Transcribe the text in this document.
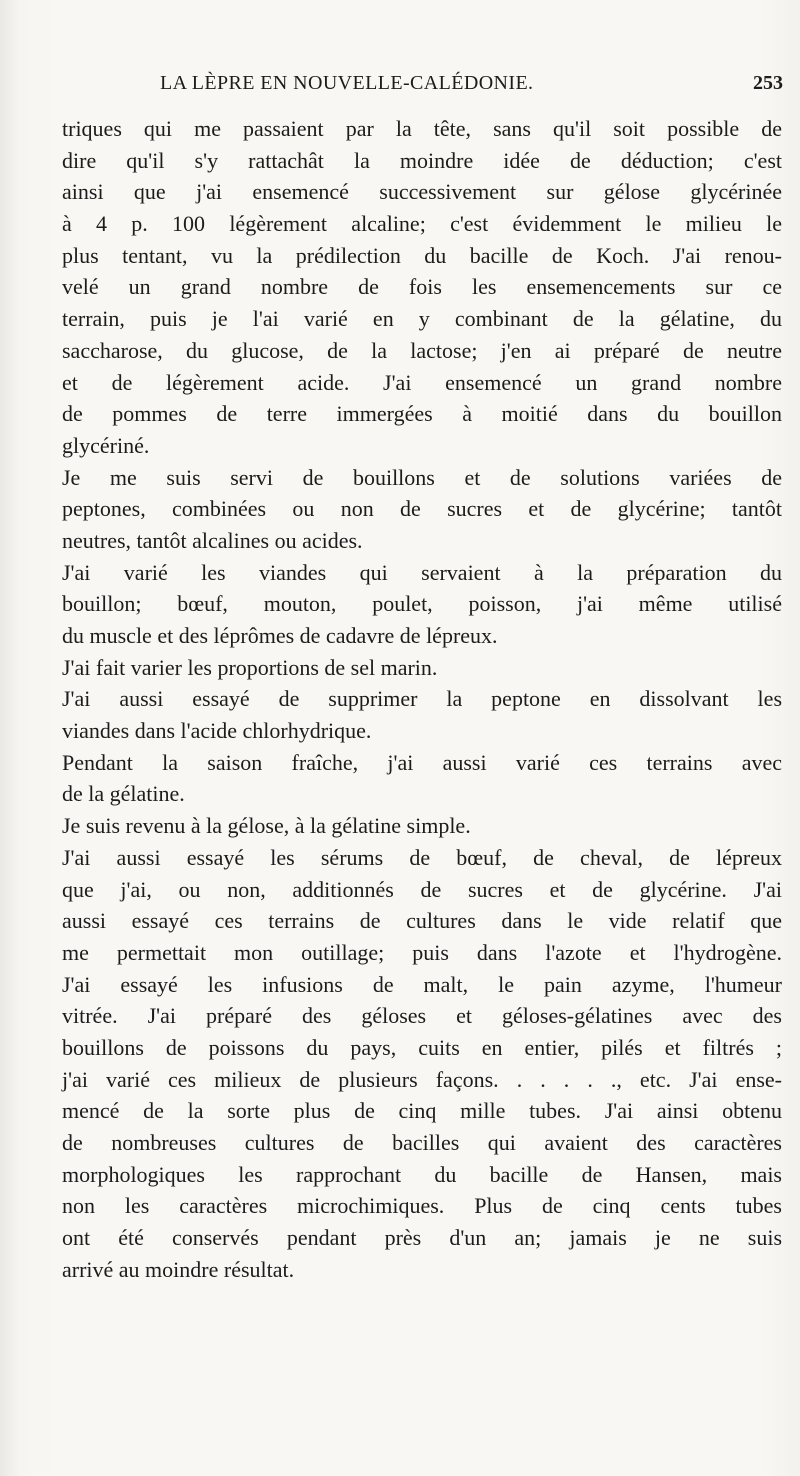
LA LÈPRE EN NOUVELLE-CALÉDONIE.	253
triques qui me passaient par la tête, sans qu'il soit possible de
dire qu'il s'y rattachât la moindre idée de déduction; c'est
ainsi que j'ai ensemencé successivement sur gélose glycérinée
à 4 p. 100 légèrement alcaline; c'est évidemment le milieu le
plus tentant, vu la prédilection du bacille de Koch. J'ai renou-
velé un grand nombre de fois les ensemencements sur ce
terrain, puis je l'ai varié en y combinant de la gélatine, du
saccharose, du glucose, de la lactose; j'en ai préparé de neutre
et de légèrement acide. J'ai ensemencé un grand nombre
de pommes de terre immergées à moitié dans du bouillon
glycériné.
Je me suis servi de bouillons et de solutions variées de
peptones, combinées ou non de sucres et de glycérine; tantôt
neutres, tantôt alcalines ou acides.
J'ai varié les viandes qui servaient à la préparation du
bouillon; bœuf, mouton, poulet, poisson, j'ai même utilisé
du muscle et des léprômes de cadavre de lépreux.
J'ai fait varier les proportions de sel marin.
J'ai aussi essayé de supprimer la peptone en dissolvant les
viandes dans l'acide chlorhydrique.
Pendant la saison fraîche, j'ai aussi varié ces terrains avec
de la gélatine.
Je suis revenu à la gélose, à la gélatine simple.
J'ai aussi essayé les sérums de bœuf, de cheval, de lépreux
que j'ai, ou non, additionnés de sucres et de glycérine. J'ai
aussi essayé ces terrains de cultures dans le vide relatif que
me permettait mon outillage; puis dans l'azote et l'hydrogène.
J'ai essayé les infusions de malt, le pain azyme, l'humeur
vitrée. J'ai préparé des géloses et géloses-gélatines avec des
bouillons de poissons du pays, cuits en entier, pilés et filtrés ;
j'ai varié ces milieux de plusieurs façons. . . . . ., etc. J'ai ense-
mencé de la sorte plus de cinq mille tubes. J'ai ainsi obtenu
de nombreuses cultures de bacilles qui avaient des caractères
morphologiques les rapprochant du bacille de Hansen, mais
non les caractères microchimiques. Plus de cinq cents tubes
ont été conservés pendant près d'un an; jamais je ne suis
arrivé au moindre résultat.
